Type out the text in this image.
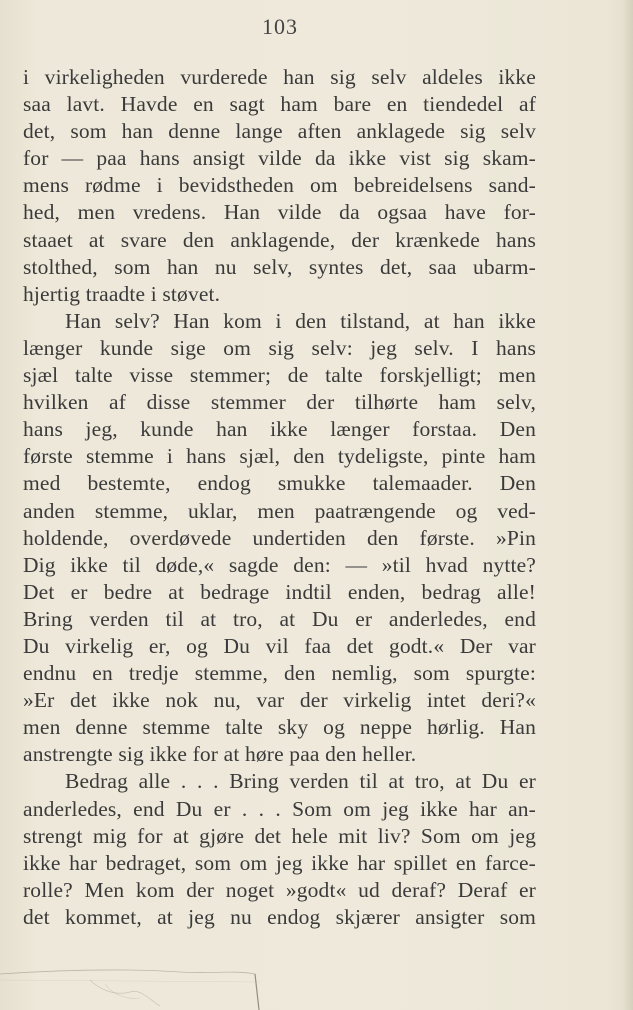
103
i virkeligheden vurderede han sig selv aldeles ikke
saa lavt. Havde en sagt ham bare en tiendedel af
det, som han denne lange aften anklagede sig selv
for — paa hans ansigt vilde da ikke vist sig skam-
mens rødme i bevidstheden om bebreidelsens sand-
hed, men vredens. Han vilde da ogsaa have for-
staaet at svare den anklagende, der krænkede hans
stolthed, som han nu selv, syntes det, saa ubarm-
hjertig traadte i støvet.
Han selv? Han kom i den tilstand, at han ikke
længer kunde sige om sig selv: jeg selv. I hans
sjæl talte visse stemmer; de talte forskjelligt; men
hvilken af disse stemmer der tilhørte ham selv,
hans jeg, kunde han ikke længer forstaa. Den
første stemme i hans sjæl, den tydeligste, pinte ham
med bestemte, endog smukke talemaader. Den
anden stemme, uklar, men paatrængende og ved-
holdende, overdøvede undertiden den første. »Pin
Dig ikke til døde,« sagde den: — »til hvad nytte?
Det er bedre at bedrage indtil enden, bedrag alle!
Bring verden til at tro, at Du er anderledes, end
Du virkelig er, og Du vil faa det godt.« Der var
endnu en tredje stemme, den nemlig, som spurgte:
»Er det ikke nok nu, var der virkelig intet deri?«
men denne stemme talte sky og neppe hørlig. Han
anstrengte sig ikke for at høre paa den heller.
Bedrag alle . . . Bring verden til at tro, at Du er
anderledes, end Du er . . . Som om jeg ikke har an-
strengt mig for at gjøre det hele mit liv? Som om jeg
ikke har bedraget, som om jeg ikke har spillet en farce-
rolle? Men kom der noget »godt« ud deraf? Deraf er
det kommet, at jeg nu endog skjærer ansigter som
